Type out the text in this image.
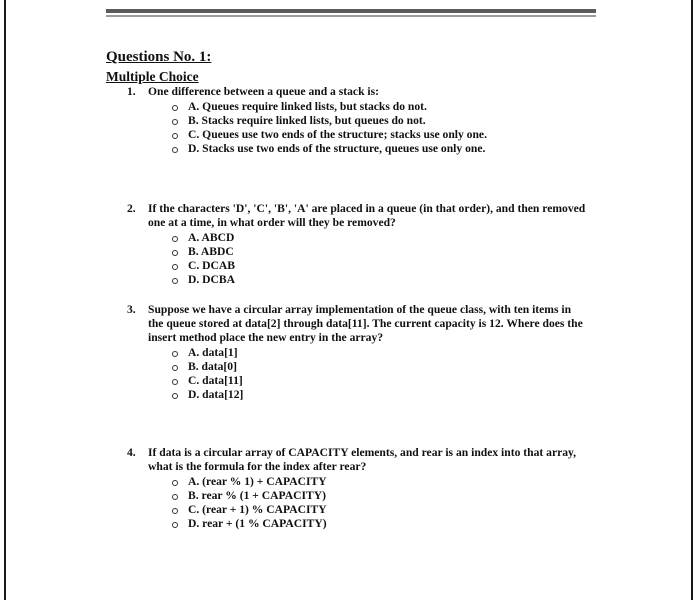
Questions No. 1:
Multiple Choice
1. One difference between a queue and a stack is:
A. Queues require linked lists, but stacks do not.
B. Stacks require linked lists, but queues do not.
C. Queues use two ends of the structure; stacks use only one.
D. Stacks use two ends of the structure, queues use only one.
2. If the characters 'D', 'C', 'B', 'A' are placed in a queue (in that order), and then removed one at a time, in what order will they be removed?
A. ABCD
B. ABDC
C. DCAB
D. DCBA
3. Suppose we have a circular array implementation of the queue class, with ten items in the queue stored at data[2] through data[11]. The current capacity is 12. Where does the insert method place the new entry in the array?
A. data[1]
B. data[0]
C. data[11]
D. data[12]
4. If data is a circular array of CAPACITY elements, and rear is an index into that array, what is the formula for the index after rear?
A. (rear % 1) + CAPACITY
B. rear % (1 + CAPACITY)
C. (rear + 1) % CAPACITY
D. rear + (1 % CAPACITY)
